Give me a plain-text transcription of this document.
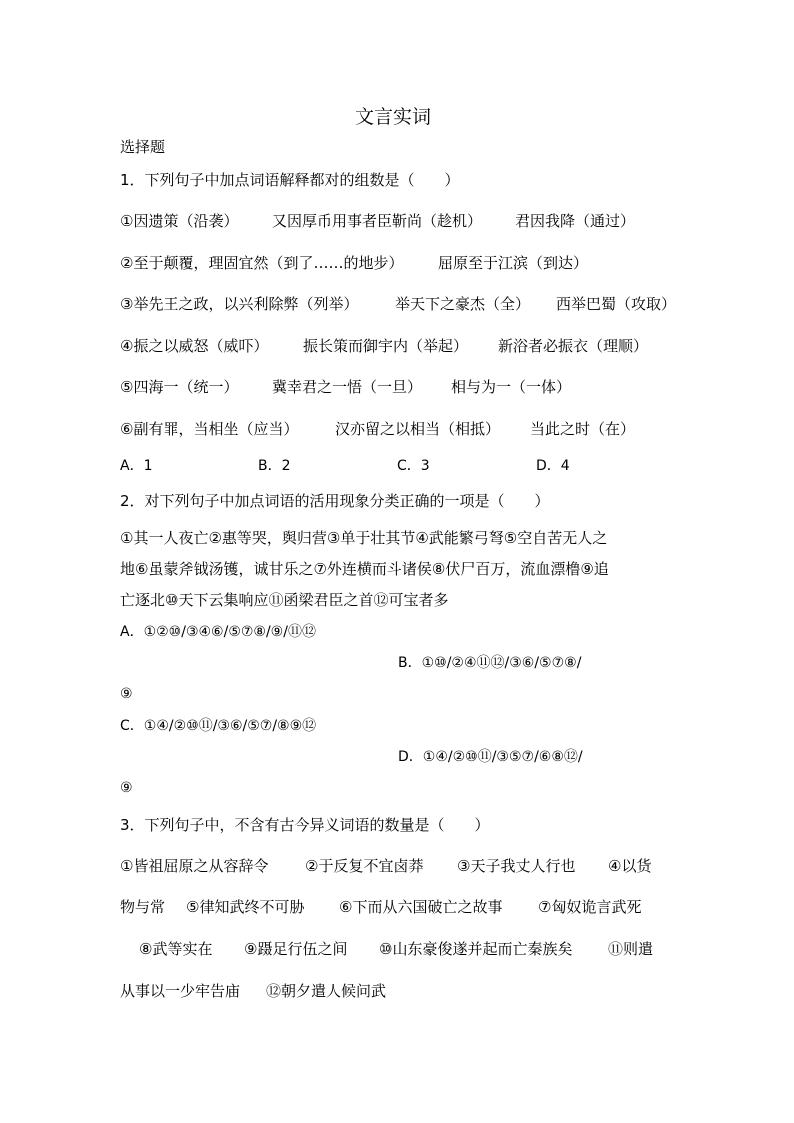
文言实词
选择题
1．下列句子中加点词语解释都对的组数是（　　）
①因遗策（沿袭） 又因厚币用事者臣靳尚（趁机） 君因我降（通过）
②至于颠覆，理固宜然（到了……的地步） 屈原至于江滨（到达）
③举先王之政，以兴利除弊（列举） 举天下之豪杰（全） 西举巴蜀（攻取）
④振之以威怒（威吓） 振长策而御宇内（举起） 新浴者必振衣（理顺）
⑤四海一（统一） 冀幸君之一悟（一旦） 相与为一（一体）
⑥副有罪，当相坐（应当） 汉亦留之以相当（相抵） 当此之时（在）
A．1	B．2	C．3	D．4
2．对下列句子中加点词语的活用现象分类正确的一项是（　　）
①其一人夜亡②惠等哭，舆归营③单于壮其节④武能繁弓弩⑤空自苦无人之
地⑥虽蒙斧钺汤镬，诚甘乐之⑦外连横而斗诸侯⑧伏尸百万，流血漂橹⑨追
亡逐北⑩天下云集响应⑪函梁君臣之首⑫可宝者多
A．①②⑩/③④⑥/⑤⑦⑧/⑨/⑪⑫
B．①⑩/②④⑪⑫/③⑥/⑤⑦⑧/
⑨
C．①④/②⑩⑪/③⑥/⑤⑦/⑧⑨⑫
D．①④/②⑩⑪/③⑤⑦/⑥⑧⑫/
⑨
3．下列句子中，不含有古今异义词语的数量是（　　）
①皆祖屈原之从容辞令 ②于反复不宜卤莽 ③天子我丈人行也 ④以货
物与常 ⑤律知武终不可胁 ⑥下而从六国破亡之故事 ⑦匈奴诡言武死
⑧武等实在 ⑨蹑足行伍之间 ⑩山东豪俊遂并起而亡秦族矣 ⑪则遣
从事以一少牢告庙 ⑫朝夕遣人候问武
